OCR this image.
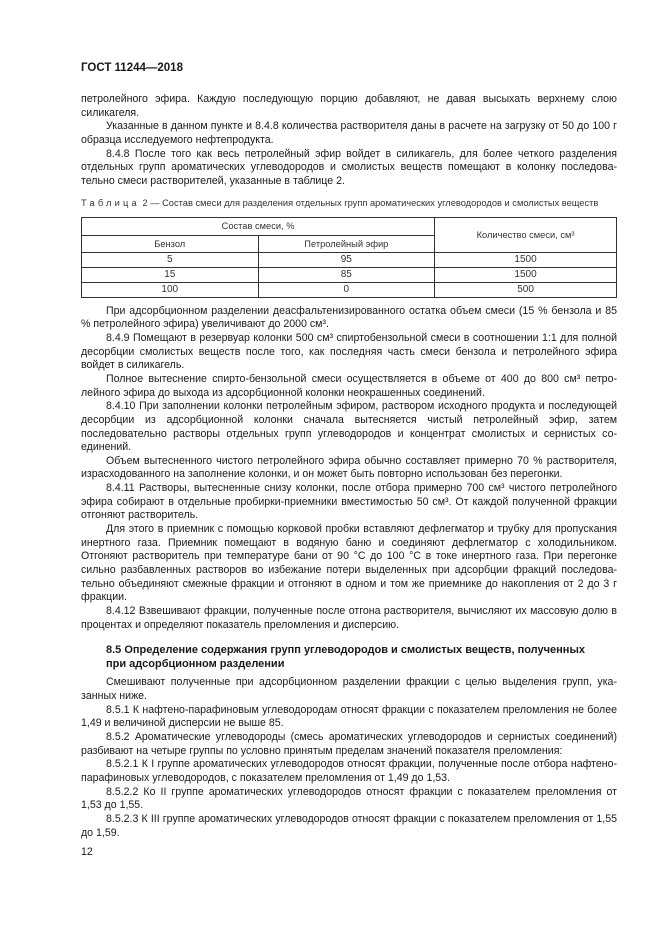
ГОСТ 11244—2018

петролейного эфира. Каждую последующую порцию добавляют, не давая высыхать верхнему слою силикагеля.

Указанные в данном пункте и 8.4.8 количества растворителя даны в расчете на загрузку от 50 до 100 г образца исследуемого нефтепродукта.

8.4.8 После того как весь петролейный эфир войдет в силикагель, для более четкого разделения отдельных групп ароматических углеводородов и смолистых веществ помещают в колонку последовательно смеси растворителей, указанные в таблице 2.

Таблица 2 — Состав смеси для разделения отдельных групп ароматических углеводородов и смолистых веществ
Состав смеси, %		Количество смеси, см³
Бензол	Петролейный эфир	
5	95	1500
15	85	1500
100	0	500

При адсорбционном разделении деасфальтенизированного остатка объем смеси (15 % бензола и 85 % петролейного эфира) увеличивают до 2000 см³.

8.4.9 Помещают в резервуар колонки 500 см³ спиртобензольной смеси в соотношении 1:1 для полной десорбции смолистых веществ после того, как последняя часть смеси бензола и петролейного эфира войдет в силикагель.

Полное вытеснение спирто-бензольной смеси осуществляется в объеме от 400 до 800 см³ петролейного эфира до выхода из адсорбционной колонки неокрашенных соединений.

8.4.10 При заполнении колонки петролейным эфиром, раствором исходного продукта и последующей десорбции из адсорбционной колонки сначала вытесняется чистый петролейный эфир, затем последовательно растворы отдельных групп углеводородов и концентрат смолистых и сернистых соединений.

Объем вытесненного чистого петролейного эфира обычно составляет примерно 70 % растворителя, израсходованного на заполнение колонки, и он может быть повторно использован без перегонки.

8.4.11 Растворы, вытесненные снизу колонки, после отбора примерно 700 см³ чистого петролейного эфира собирают в отдельные пробирки-приемники вместимостью 50 см³. От каждой полученной фракции отгоняют растворитель.

Для этого в приемник с помощью корковой пробки вставляют дефлегматор и трубку для пропускания инертного газа. Приемник помещают в водяную баню и соединяют дефлегматор с холодильником. Отгоняют растворитель при температуре бани от 90 °С до 100 °С в токе инертного газа. При перегонке сильно разбавленных растворов во избежание потери выделенных при адсорбции фракций последовательно объединяют смежные фракции и отгоняют в одном и том же приемнике до накопления от 2 до 3 г фракции.

8.4.12 Взвешивают фракции, полученные после отгона растворителя, вычисляют их массовую долю в процентах и определяют показатель преломления и дисперсию.

8.5 Определение содержания групп углеводородов и смолистых веществ, полученных
при адсорбционном разделении

Смешивают полученные при адсорбционном разделении фракции с целью выделения групп, указанных ниже.

8.5.1 К нафтено-парафиновым углеводородам относят фракции с показателем преломления не более 1,49 и величиной дисперсии не выше 85.

8.5.2 Ароматические углеводороды (смесь ароматических углеводородов и сернистых соединений) разбивают на четыре группы по условно принятым пределам значений показателя преломления:

8.5.2.1 К I группе ароматических углеводородов относят фракции, полученные после отбора нафтено-парафиновых углеводородов, с показателем преломления от 1,49 до 1,53.

8.5.2.2 Ко II группе ароматических углеводородов относят фракции с показателем преломления от 1,53 до 1,55.

8.5.2.3 К III группе ароматических углеводородов относят фракции с показателем преломления от 1,55 до 1,59.

12
